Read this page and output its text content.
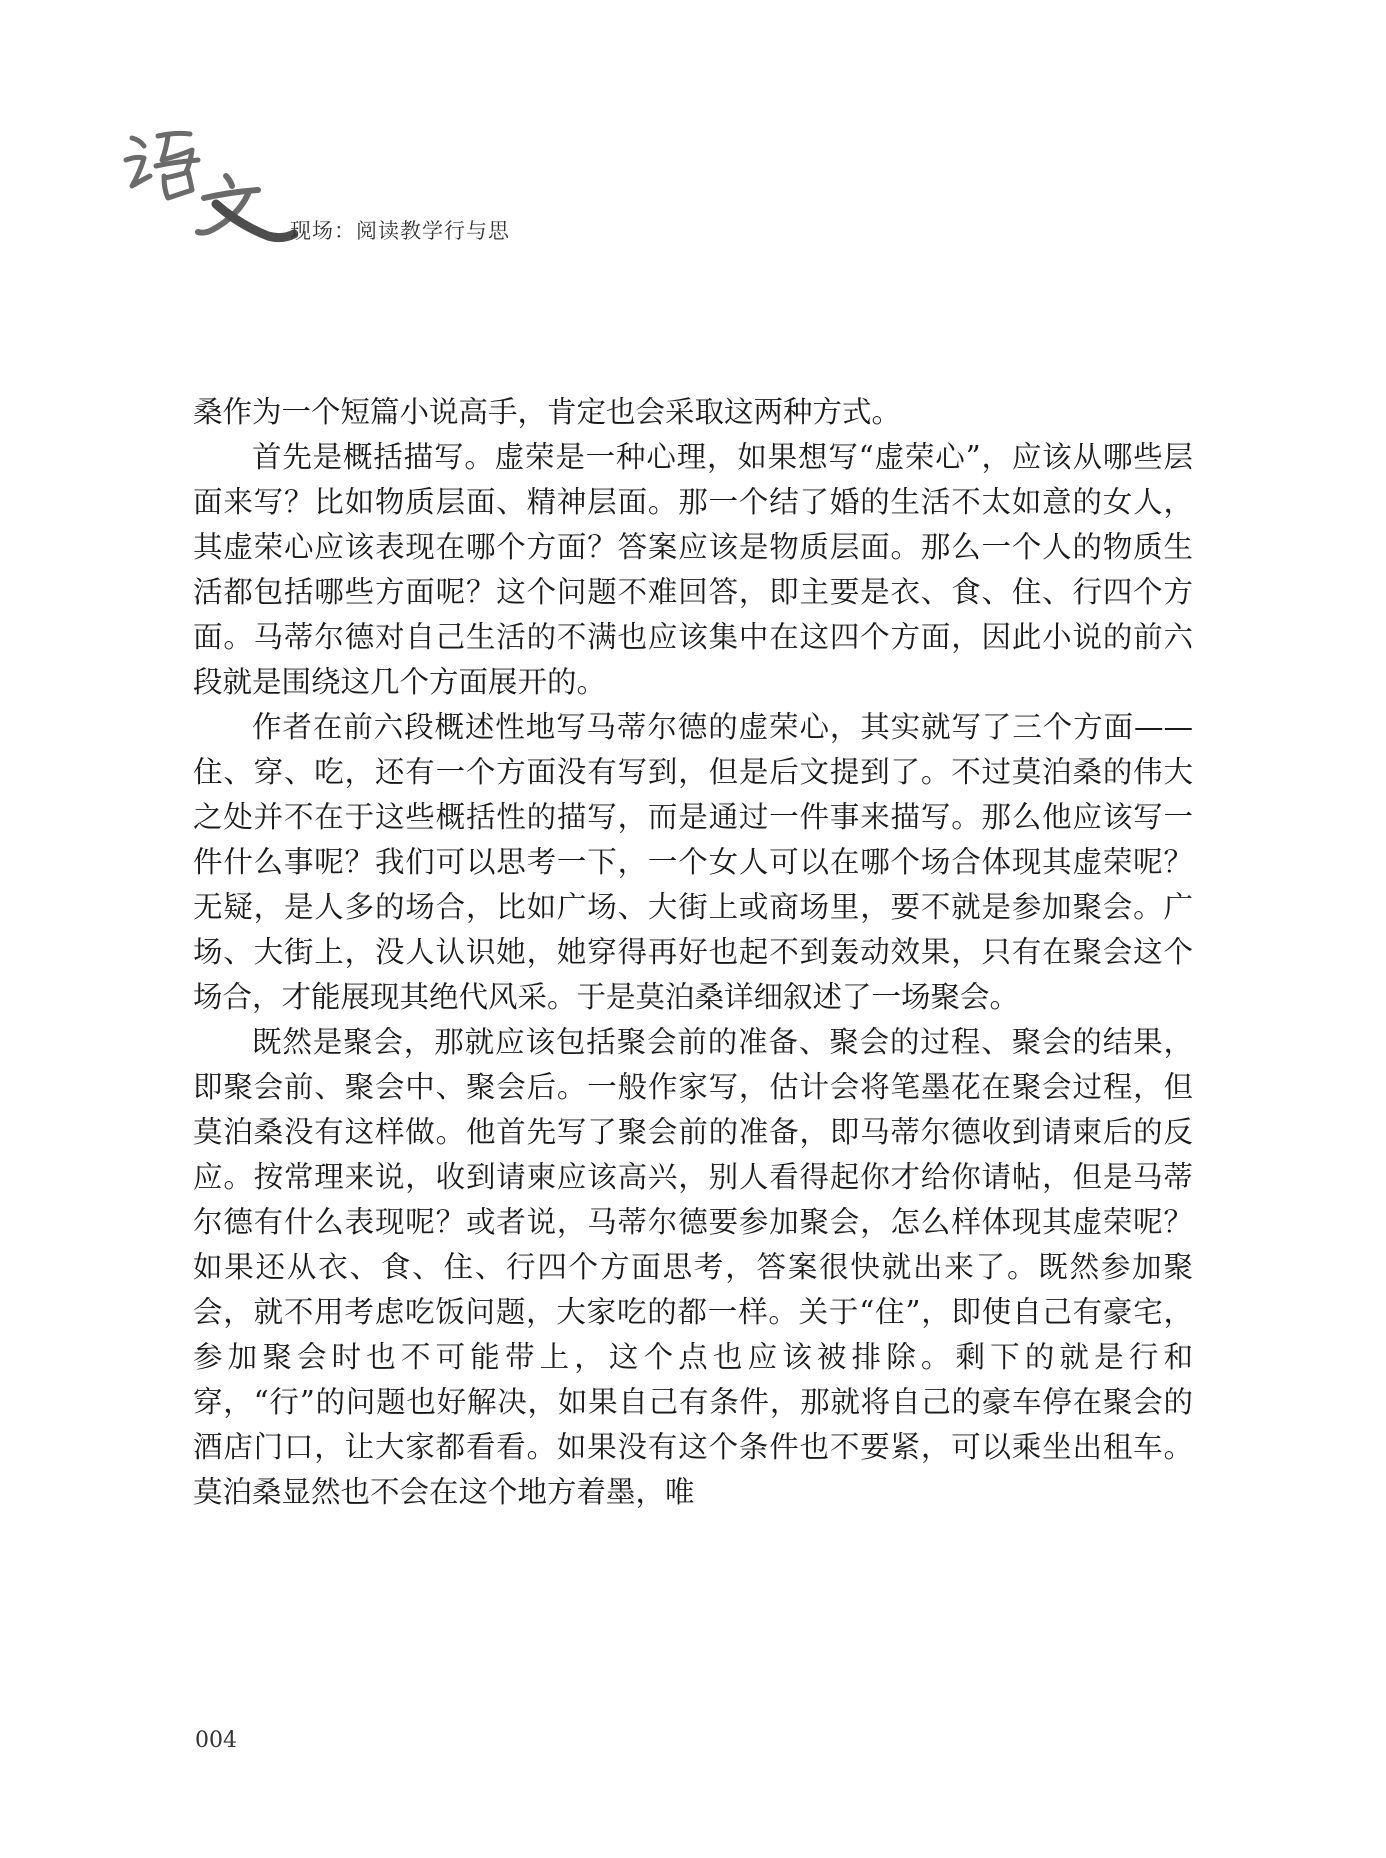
现场：阅读教学行与思

桑作为一个短篇小说高手，肯定也会采取这两种方式。

首先是概括描写。虚荣是一种心理，如果想写“虚荣心”，应该从哪些层面来写？比如物质层面、精神层面。那一个结了婚的生活不太如意的女人，其虚荣心应该表现在哪个方面？答案应该是物质层面。那么一个人的物质生活都包括哪些方面呢？这个问题不难回答，即主要是衣、食、住、行四个方面。马蒂尔德对自己生活的不满也应该集中在这四个方面，因此小说的前六段就是围绕这几个方面展开的。

作者在前六段概述性地写马蒂尔德的虚荣心，其实就写了三个方面——住、穿、吃，还有一个方面没有写到，但是后文提到了。不过莫泊桑的伟大之处并不在于这些概括性的描写，而是通过一件事来描写。那么他应该写一件什么事呢？我们可以思考一下，一个女人可以在哪个场合体现其虚荣呢？无疑，是人多的场合，比如广场、大街上或商场里，要不就是参加聚会。广场、大街上，没人认识她，她穿得再好也起不到轰动效果，只有在聚会这个场合，才能展现其绝代风采。于是莫泊桑详细叙述了一场聚会。

既然是聚会，那就应该包括聚会前的准备、聚会的过程、聚会的结果，即聚会前、聚会中、聚会后。一般作家写，估计会将笔墨花在聚会过程，但莫泊桑没有这样做。他首先写了聚会前的准备，即马蒂尔德收到请柬后的反应。按常理来说，收到请柬应该高兴，别人看得起你才给你请帖，但是马蒂尔德有什么表现呢？或者说，马蒂尔德要参加聚会，怎么样体现其虚荣呢？如果还从衣、食、住、行四个方面思考，答案很快就出来了。既然参加聚会，就不用考虑吃饭问题，大家吃的都一样。关于“住”，即使自己有豪宅，参加聚会时也不可能带上，这个点也应该被排除。剩下的就是行和穿，“行”的问题也好解决，如果自己有条件，那就将自己的豪车停在聚会的酒店门口，让大家都看看。如果没有这个条件也不要紧，可以乘坐出租车。莫泊桑显然也不会在这个地方着墨，唯

004
